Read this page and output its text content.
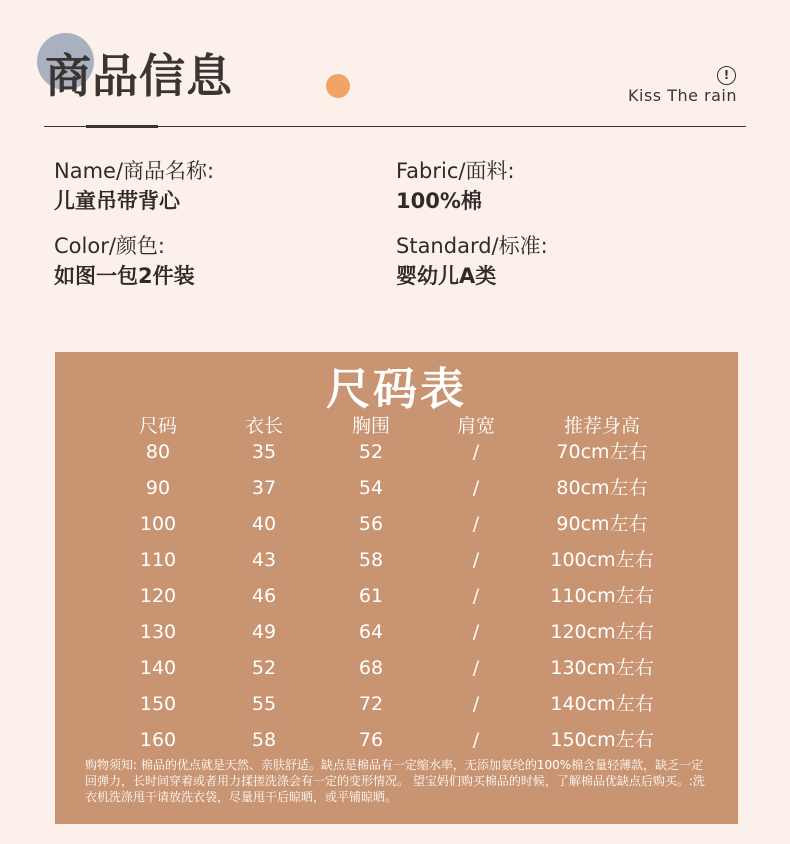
商品信息	!
Kiss The rain
Name/商品名称:
儿童吊带背心
Fabric/面料:
100%棉
Color/颜色:
如图一包2件装
Standard/标准:
婴幼儿A类
尺码表
尺码	衣长	胸围	肩宽	推荐身高
80	35	52	/	70cm左右
90	37	54	/	80cm左右
100	40	56	/	90cm左右
110	43	58	/	100cm左右
120	46	61	/	110cm左右
130	49	64	/	120cm左右
140	52	68	/	130cm左右
150	55	72	/	140cm左右
160	58	76	/	150cm左右
购物须知: 棉品的优点就是天然、亲肤舒适。缺点是棉品有一定缩水率，无添加氨纶的100%棉含量轻薄款，缺乏一定回弹力，长时间穿着或者用力揉搓洗涤会有一定的变形情况。 望宝妈们购买棉品的时候，了解棉品优缺点后购买。:洗衣机洗涤甩干请放洗衣袋，尽量甩干后晾晒，或平铺晾晒。
